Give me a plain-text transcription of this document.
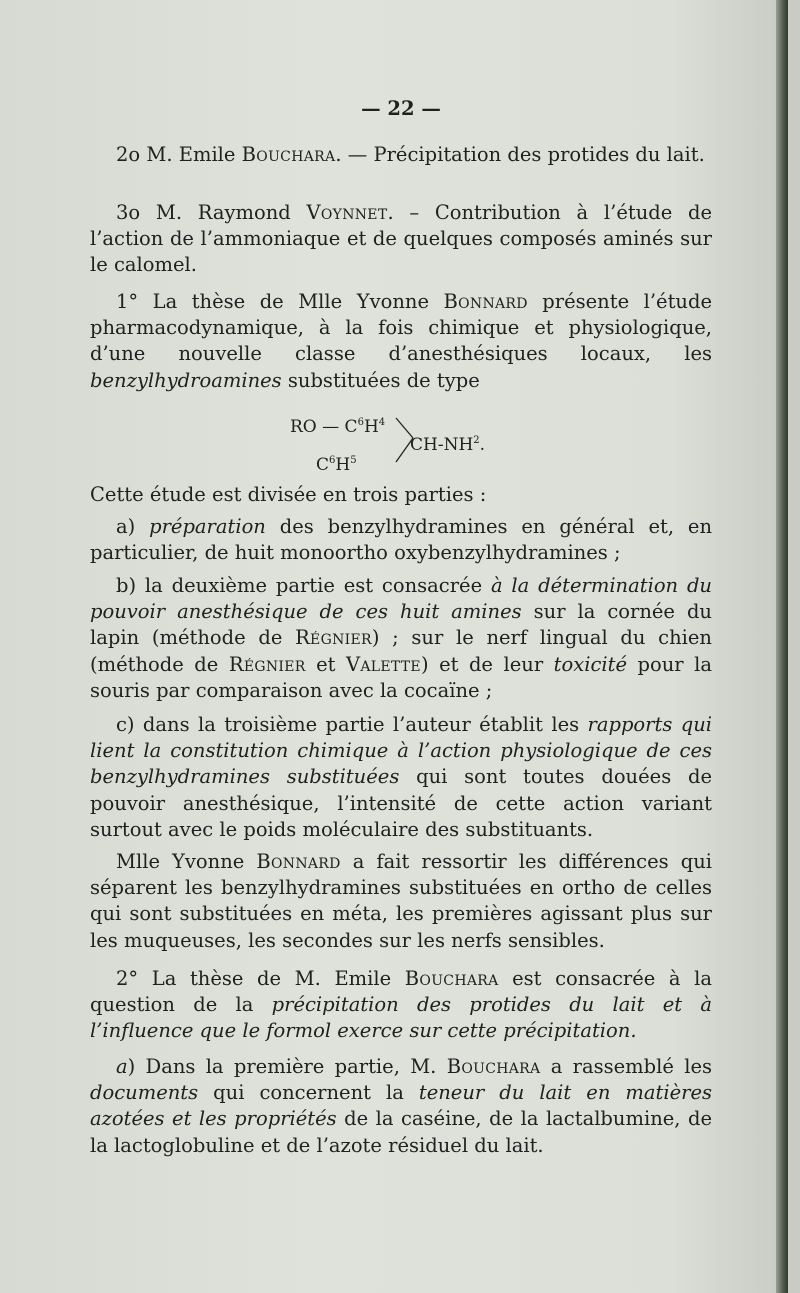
— 22 —

2o M. Emile Bouchara. — Précipitation des protides du lait.

3o M. Raymond Voynnet. – Contribution à l’étude de l’action de l’ammoniaque et de quelques composés aminés sur le calomel.

1° La thèse de Mlle Yvonne Bonnard présente l’étude pharmacodynamique, à la fois chimique et physiologique, d’une nouvelle classe d’anesthésiques locaux, les benzylhydroamines substituées de type

RO — $C^6H^4$
$C^6H^5$
$CH-NH^2$.

Cette étude est divisée en trois parties :

a) préparation des benzylhydramines en général et, en particulier, de huit monoortho oxybenzylhydramines ;

b) la deuxième partie est consacrée à la détermination du pouvoir anesthésique de ces huit amines sur la cornée du lapin (méthode de Régnier) ; sur le nerf lingual du chien (méthode de Régnier et Valette) et de leur toxicité pour la souris par comparaison avec la cocaïne ;

c) dans la troisième partie l’auteur établit les rapports qui lient la constitution chimique à l’action physiologique de ces benzylhydramines substituées qui sont toutes douées de pouvoir anesthésique, l’intensité de cette action variant surtout avec le poids moléculaire des substituants.

Mlle Yvonne Bonnard a fait ressortir les différences qui séparent les benzylhydramines substituées en ortho de celles qui sont substituées en méta, les premières agissant plus sur les muqueuses, les secondes sur les nerfs sensibles.

2° La thèse de M. Emile Bouchara est consacrée à la question de la précipitation des protides du lait et à l’influence que le formol exerce sur cette précipitation.

a) Dans la première partie, M. Bouchara a rassemblé les documents qui concernent la teneur du lait en matières azotées et les propriétés de la caséine, de la lactalbumine, de la lactoglobuline et de l’azote résiduel du lait.
